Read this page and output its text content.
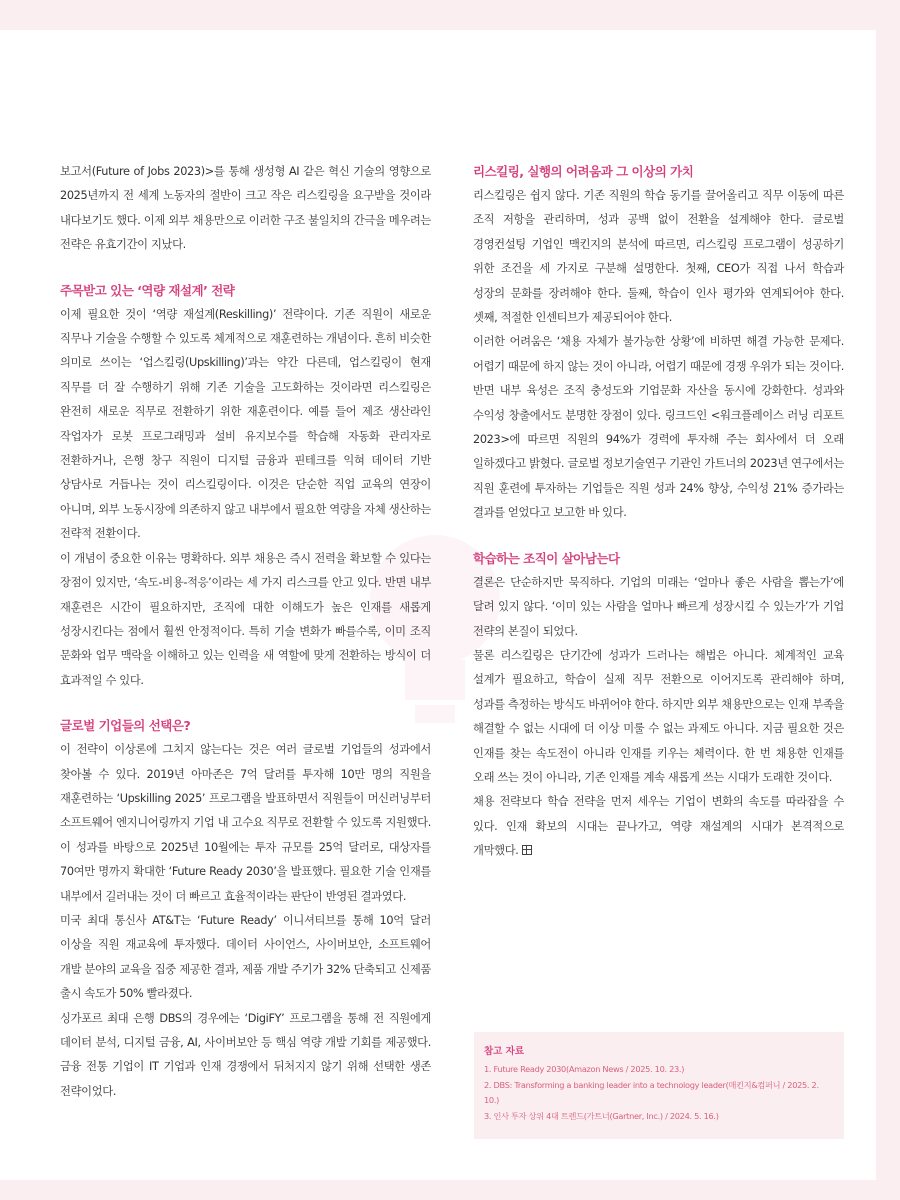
보고서(Future of Jobs 2023)>를 통해 생성형 AI 같은 혁신 기술의 영향으로 2025년까지 전 세계 노동자의 절반이 크고 작은 리스킬링을 요구받을 것이라 내다보기도 했다. 이제 외부 채용만으로 이러한 구조 불일치의 간극을 메우려는 전략은 유효기간이 지났다.

주목받고 있는 ‘역량 재설계’ 전략

이제 필요한 것이 ‘역량 재설계(Reskilling)’ 전략이다. 기존 직원이 새로운 직무나 기술을 수행할 수 있도록 체계적으로 재훈련하는 개념이다. 흔히 비슷한 의미로 쓰이는 ‘업스킬링(Upskilling)’과는 약간 다른데, 업스킬링이 현재 직무를 더 잘 수행하기 위해 기존 기술을 고도화하는 것이라면 리스킬링은 완전히 새로운 직무로 전환하기 위한 재훈련이다. 예를 들어 제조 생산라인 작업자가 로봇 프로그래밍과 설비 유지보수를 학습해 자동화 관리자로 전환하거나, 은행 창구 직원이 디지털 금융과 핀테크를 익혀 데이터 기반 상담사로 거듭나는 것이 리스킬링이다. 이것은 단순한 직업 교육의 연장이 아니며, 외부 노동시장에 의존하지 않고 내부에서 필요한 역량을 자체 생산하는 전략적 전환이다.

이 개념이 중요한 이유는 명확하다. 외부 채용은 즉시 전력을 확보할 수 있다는 장점이 있지만, ‘속도-비용-적응’이라는 세 가지 리스크를 안고 있다. 반면 내부 재훈련은 시간이 필요하지만, 조직에 대한 이해도가 높은 인재를 새롭게 성장시킨다는 점에서 훨씬 안정적이다. 특히 기술 변화가 빠를수록, 이미 조직 문화와 업무 맥락을 이해하고 있는 인력을 새 역할에 맞게 전환하는 방식이 더 효과적일 수 있다.

글로벌 기업들의 선택은?

이 전략이 이상론에 그치지 않는다는 것은 여러 글로벌 기업들의 성과에서 찾아볼 수 있다. 2019년 아마존은 7억 달러를 투자해 10만 명의 직원을 재훈련하는 ‘Upskilling 2025’ 프로그램을 발표하면서 직원들이 머신러닝부터 소프트웨어 엔지니어링까지 기업 내 고수요 직무로 전환할 수 있도록 지원했다. 이 성과를 바탕으로 2025년 10월에는 투자 규모를 25억 달러로, 대상자를 70여만 명까지 확대한 ‘Future Ready 2030’을 발표했다. 필요한 기술 인재를 내부에서 길러내는 것이 더 빠르고 효율적이라는 판단이 반영된 결과였다.

미국 최대 통신사 AT&T는 ‘Future Ready’ 이니셔티브를 통해 10억 달러 이상을 직원 재교육에 투자했다. 데이터 사이언스, 사이버보안, 소프트웨어 개발 분야의 교육을 집중 제공한 결과, 제품 개발 주기가 32% 단축되고 신제품 출시 속도가 50% 빨라졌다.

싱가포르 최대 은행 DBS의 경우에는 ‘DigiFY’ 프로그램을 통해 전 직원에게 데이터 분석, 디지털 금융, AI, 사이버보안 등 핵심 역량 개발 기회를 제공했다. 금융 전통 기업이 IT 기업과 인재 경쟁에서 뒤처지지 않기 위해 선택한 생존 전략이었다.

리스킬링, 실행의 어려움과 그 이상의 가치

리스킬링은 쉽지 않다. 기존 직원의 학습 동기를 끌어올리고 직무 이동에 따른 조직 저항을 관리하며, 성과 공백 없이 전환을 설계해야 한다. 글로벌 경영컨설팅 기업인 맥킨지의 분석에 따르면, 리스킬링 프로그램이 성공하기 위한 조건을 세 가지로 구분해 설명한다. 첫째, CEO가 직접 나서 학습과 성장의 문화를 장려해야 한다. 둘째, 학습이 인사 평가와 연계되어야 한다. 셋째, 적절한 인센티브가 제공되어야 한다.

이러한 어려움은 ‘채용 자체가 불가능한 상황’에 비하면 해결 가능한 문제다. 어렵기 때문에 하지 않는 것이 아니라, 어렵기 때문에 경쟁 우위가 되는 것이다. 반면 내부 육성은 조직 충성도와 기업문화 자산을 동시에 강화한다. 성과와 수익성 창출에서도 분명한 장점이 있다. 링크드인 <워크플레이스 러닝 리포트 2023>에 따르면 직원의 94%가 경력에 투자해 주는 회사에서 더 오래 일하겠다고 밝혔다. 글로벌 정보기술연구 기관인 가트너의 2023년 연구에서는 직원 훈련에 투자하는 기업들은 직원 성과 24% 향상, 수익성 21% 증가라는 결과를 얻었다고 보고한 바 있다.

학습하는 조직이 살아남는다

결론은 단순하지만 묵직하다. 기업의 미래는 ‘얼마나 좋은 사람을 뽑는가’에 달려 있지 않다. ‘이미 있는 사람을 얼마나 빠르게 성장시킬 수 있는가’가 기업 전략의 본질이 되었다.

물론 리스킬링은 단기간에 성과가 드러나는 해법은 아니다. 체계적인 교육 설계가 필요하고, 학습이 실제 직무 전환으로 이어지도록 관리해야 하며, 성과를 측정하는 방식도 바뀌어야 한다. 하지만 외부 채용만으로는 인재 부족을 해결할 수 없는 시대에 더 이상 미룰 수 없는 과제도 아니다. 지금 필요한 것은 인재를 찾는 속도전이 아니라 인재를 키우는 체력이다. 한 번 채용한 인재를 오래 쓰는 것이 아니라, 기존 인재를 계속 새롭게 쓰는 시대가 도래한 것이다.

채용 전략보다 학습 전략을 먼저 세우는 기업이 변화의 속도를 따라잡을 수 있다. 인재 확보의 시대는 끝나가고, 역량 재설계의 시대가 본격적으로 개막했다.

참고 자료
1. Future Ready 2030(Amazon News / 2025. 10. 23.)
2. DBS: Transforming a banking leader into a technology leader(매킨지&컴퍼니 / 2025. 2. 10.)
3. 인사 투자 상위 4대 트렌드(가트너(Gartner, Inc.) / 2024. 5. 16.)
